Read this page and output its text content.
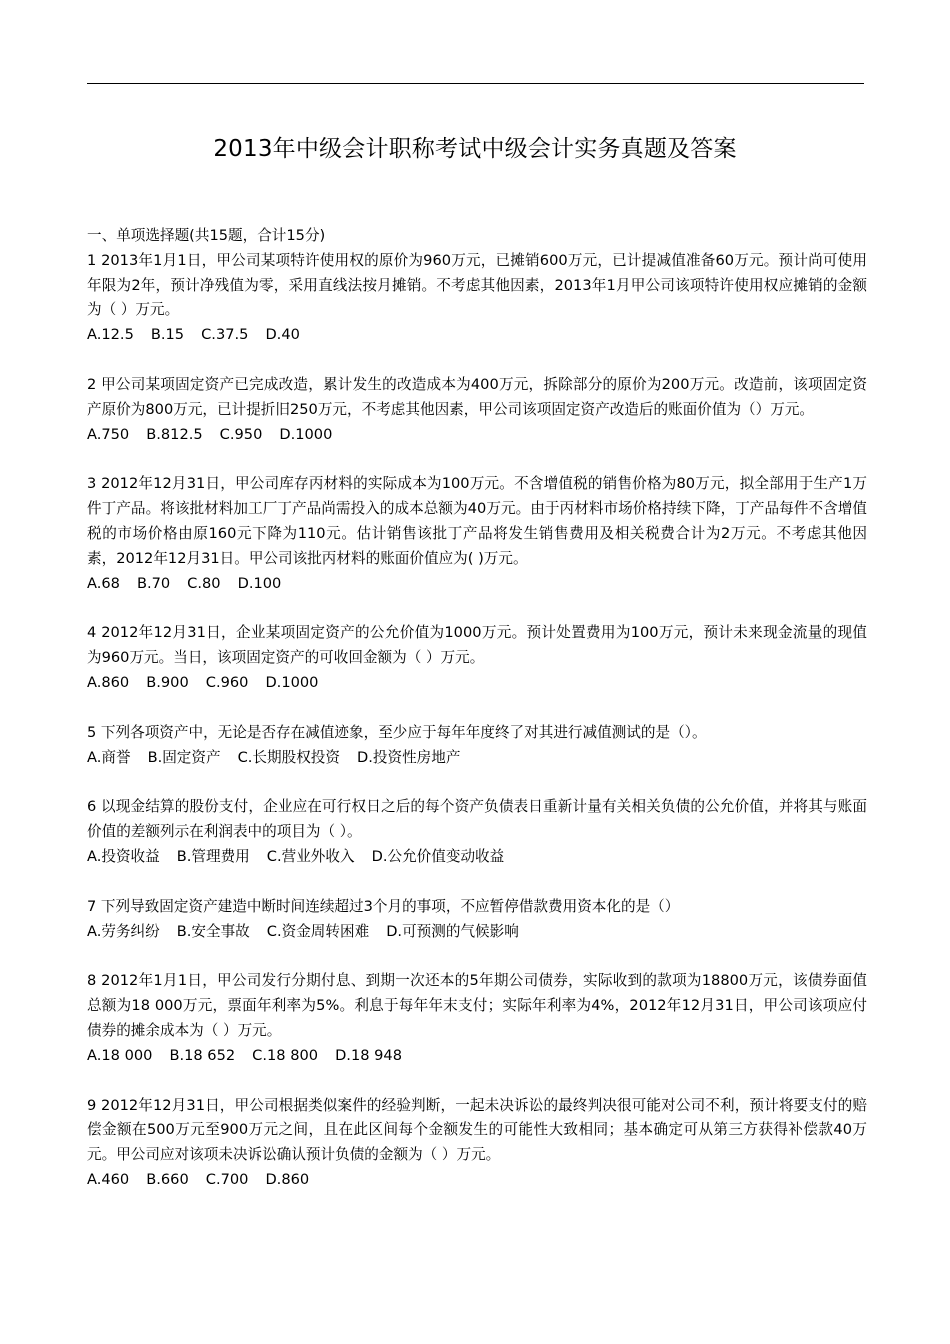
2013年中级会计职称考试中级会计实务真题及答案

一、单项选择题(共15题，合计15分)

1 2013年1月1日，甲公司某项特许使用权的原价为960万元，已摊销600万元，已计提减值准备60万元。预计尚可使用年限为2年，预计净残值为零，采用直线法按月摊销。不考虑其他因素，2013年1月甲公司该项特许使用权应摊销的金额为（ ）万元。

A.12.5 B.15 C.37.5 D.40

2 甲公司某项固定资产已完成改造，累计发生的改造成本为400万元，拆除部分的原价为200万元。改造前，该项固定资产原价为800万元，已计提折旧250万元，不考虑其他因素，甲公司该项固定资产改造后的账面价值为（）万元。

A.750 B.812.5 C.950 D.1000

3 2012年12月31日，甲公司库存丙材料的实际成本为100万元。不含增值税的销售价格为80万元，拟全部用于生产1万件丁产品。将该批材料加工厂丁产品尚需投入的成本总额为40万元。由于丙材料市场价格持续下降，丁产品每件不含增值税的市场价格由原160元下降为110元。估计销售该批丁产品将发生销售费用及相关税费合计为2万元。不考虑其他因素，2012年12月31日。甲公司该批丙材料的账面价值应为( )万元。

A.68 B.70 C.80 D.100

4 2012年12月31日，企业某项固定资产的公允价值为1000万元。预计处置费用为100万元，预计未来现金流量的现值为960万元。当日，该项固定资产的可收回金额为（ ）万元。

A.860 B.900 C.960 D.1000

5 下列各项资产中，无论是否存在减值迹象，至少应于每年年度终了对其进行减值测试的是（）。

A.商誉 B.固定资产 C.长期股权投资 D.投资性房地产

6 以现金结算的股份支付，企业应在可行权日之后的每个资产负债表日重新计量有关相关负债的公允价值，并将其与账面价值的差额列示在利润表中的项目为（ ）。

A.投资收益 B.管理费用 C.营业外收入 D.公允价值变动收益

7 下列导致固定资产建造中断时间连续超过3个月的事项，不应暂停借款费用资本化的是（）

A.劳务纠纷 B.安全事故 C.资金周转困难 D.可预测的气候影响

8 2012年1月1日，甲公司发行分期付息、到期一次还本的5年期公司债券，实际收到的款项为18800万元，该债券面值总额为18 000万元，票面年利率为5%。利息于每年年末支付；实际年利率为4%，2012年12月31日，甲公司该项应付债券的摊余成本为（ ）万元。

A.18 000 B.18 652 C.18 800 D.18 948

9 2012年12月31日，甲公司根据类似案件的经验判断，一起未决诉讼的最终判决很可能对公司不利，预计将要支付的赔偿金额在500万元至900万元之间，且在此区间每个金额发生的可能性大致相同；基本确定可从第三方获得补偿款40万元。甲公司应对该项未决诉讼确认预计负债的金额为（ ）万元。

A.460 B.660 C.700 D.860
